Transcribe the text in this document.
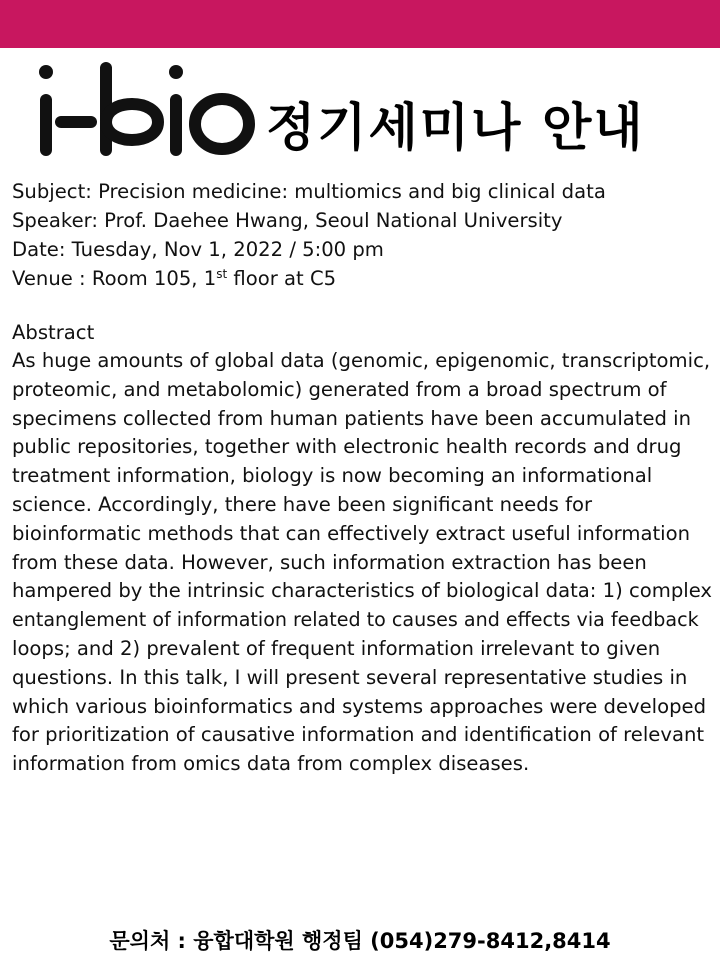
정기세미나 안내
Subject: Precision medicine: multiomics and big clinical data
Speaker: Prof. Daehee Hwang, Seoul National University
Date: Tuesday, Nov 1, 2022 / 5:00 pm
Venue : Room 105, 1st floor at C5
Abstract
As huge amounts of global data (genomic, epigenomic, transcriptomic,
proteomic, and metabolomic) generated from a broad spectrum of
specimens collected from human patients have been accumulated in
public repositories, together with electronic health records and drug
treatment information, biology is now becoming an informational
science. Accordingly, there have been significant needs for
bioinformatic methods that can effectively extract useful information
from these data. However, such information extraction has been
hampered by the intrinsic characteristics of biological data: 1) complex
entanglement of information related to causes and effects via feedback
loops; and 2) prevalent of frequent information irrelevant to given
questions. In this talk, I will present several representative studies in
which various bioinformatics and systems approaches were developed
for prioritization of causative information and identification of relevant
information from omics data from complex diseases.
문의처 : 융합대학원 행정팀 (054)279-8412,8414
